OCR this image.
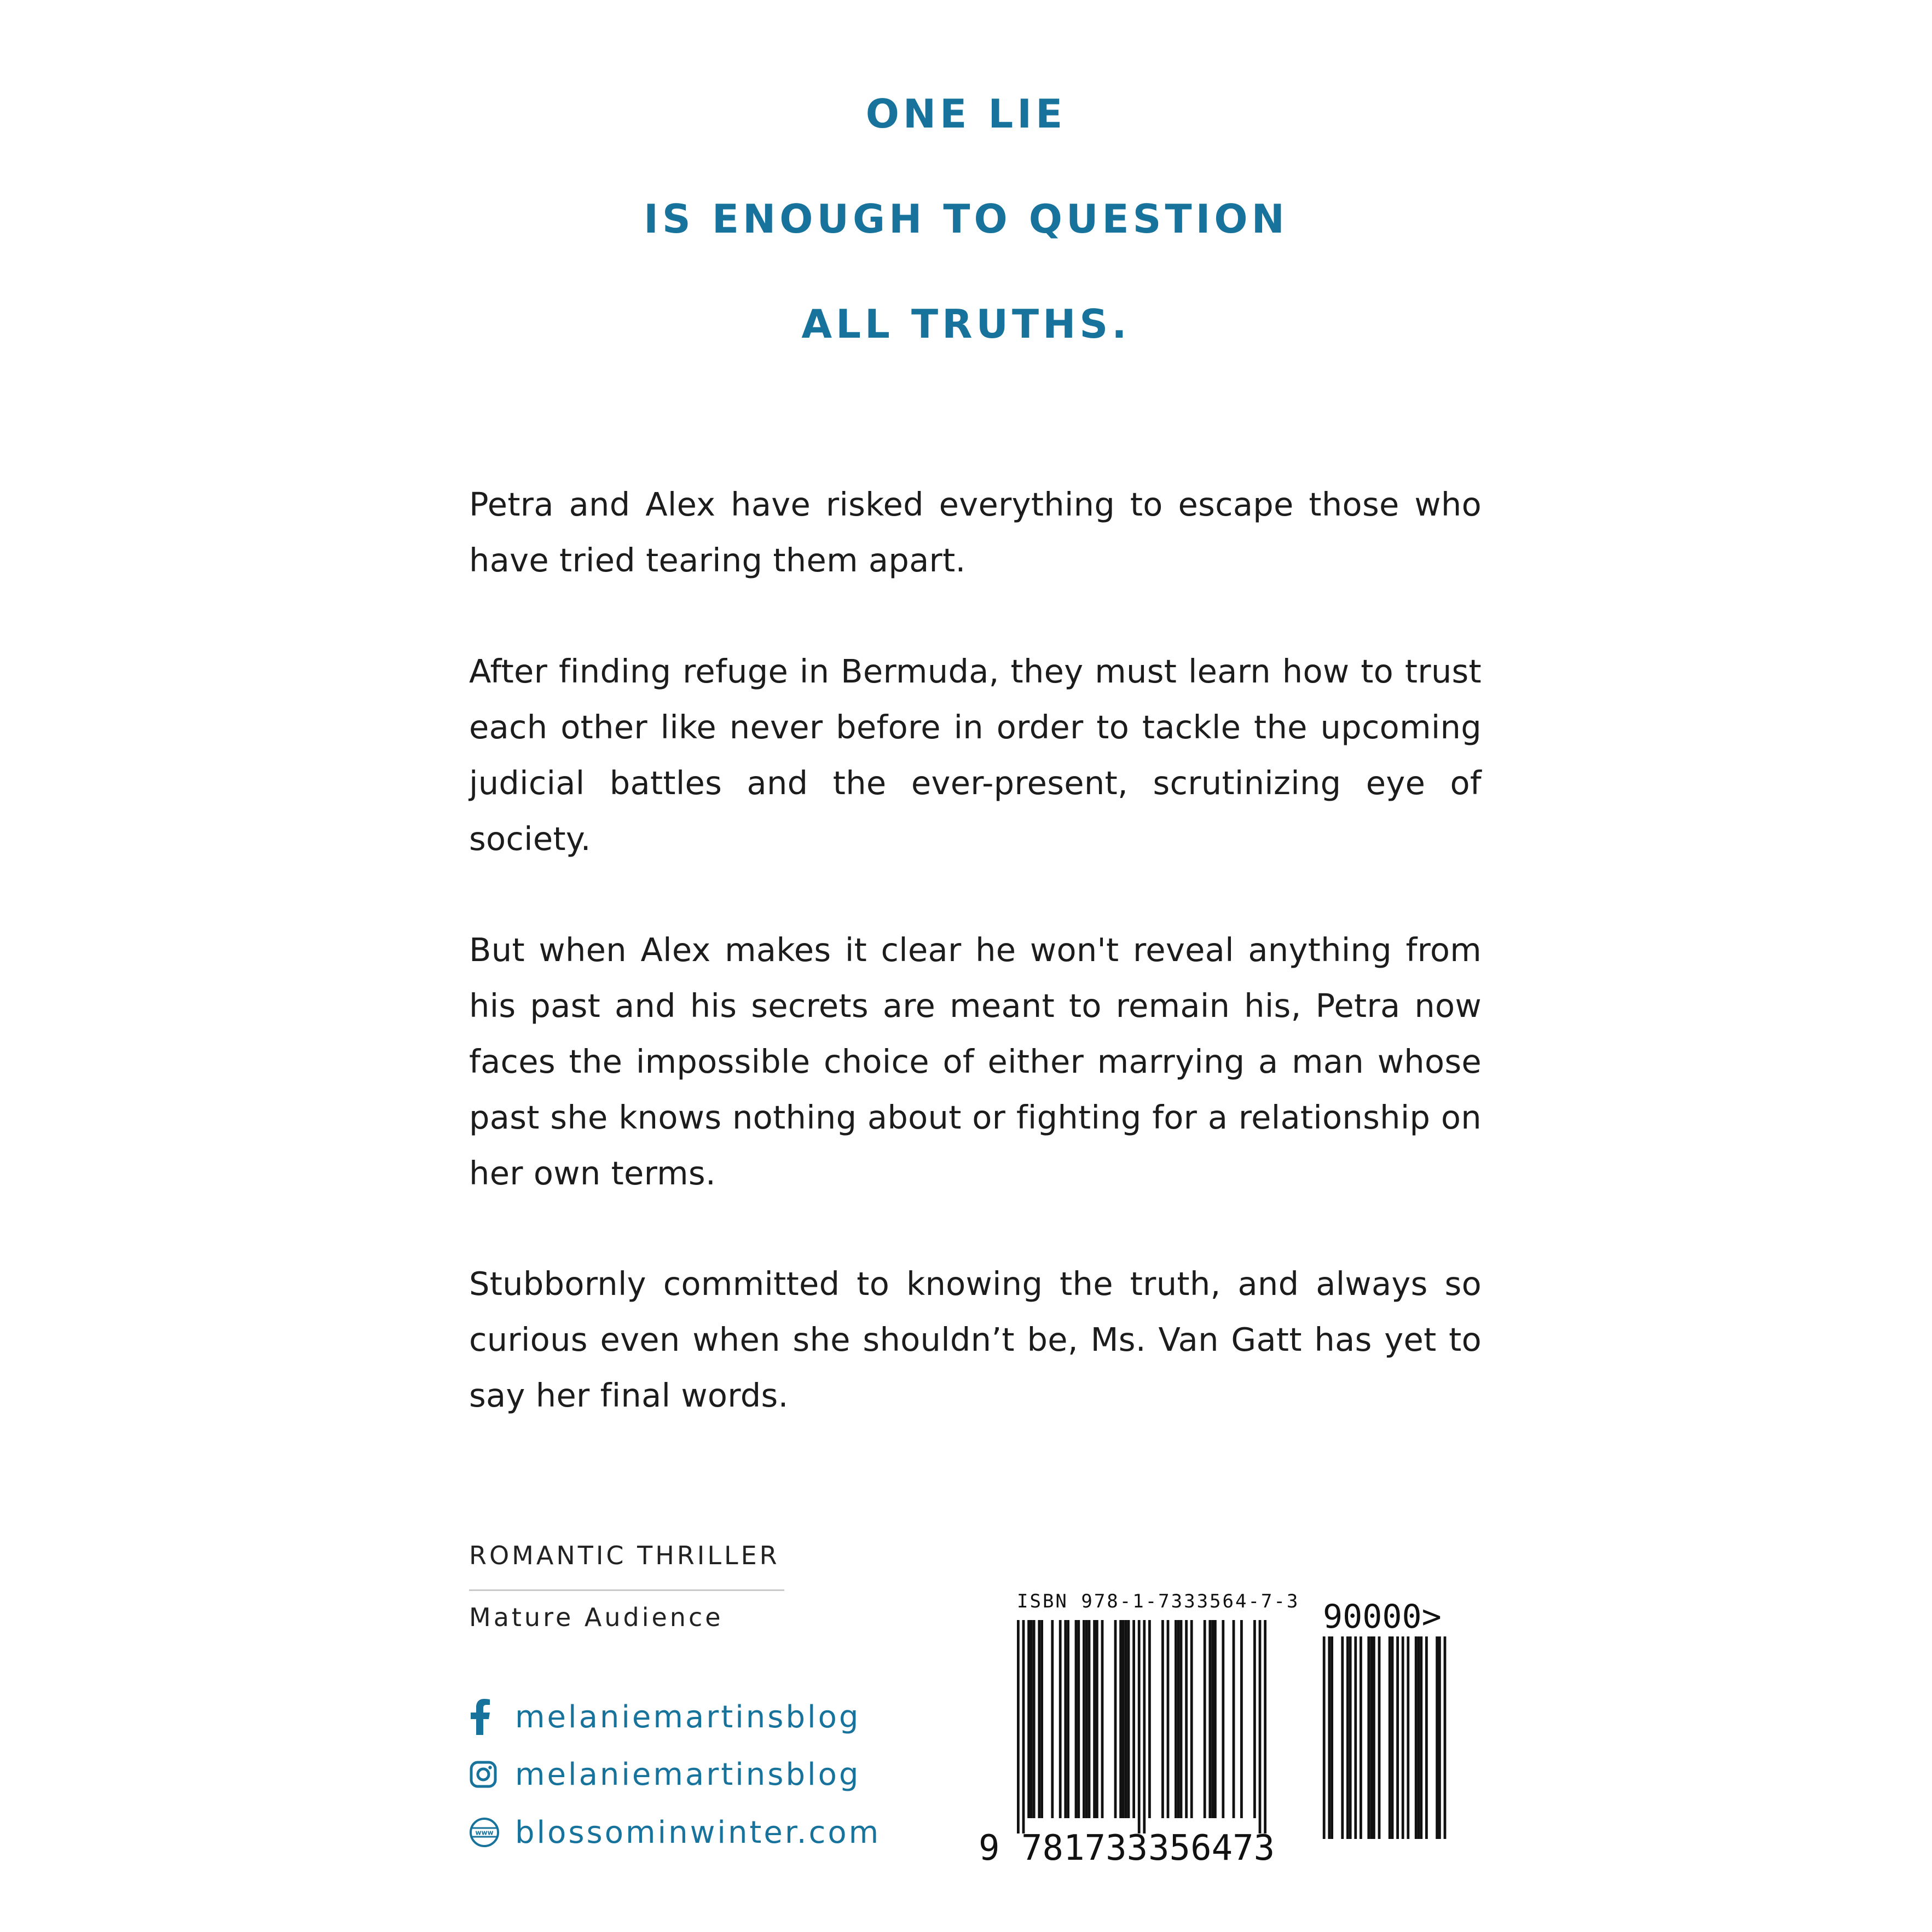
ONE LIE
IS ENOUGH TO QUESTION
ALL TRUTHS.
Petra and Alex have risked everything to escape those who have tried tearing them apart.
After finding refuge in Bermuda, they must learn how to trust each other like never before in order to tackle the upcoming judicial battles and the ever-present, scrutinizing eye of society.
But when Alex makes it clear he won't reveal anything from his past and his secrets are meant to remain his, Petra now faces the impossible choice of either marrying a man whose past she knows nothing about or fighting for a relationship on her own terms.
Stubbornly committed to knowing the truth, and always so curious even when she shouldn’t be, Ms. Van Gatt has yet to say her final words.
ROMANTIC THRILLER
Mature Audience
melaniemartinsblog
melaniemartinsblog
www blossominwinter.com
ISBN 978-1-7333564-7-3
9 781733 356473
90000>
